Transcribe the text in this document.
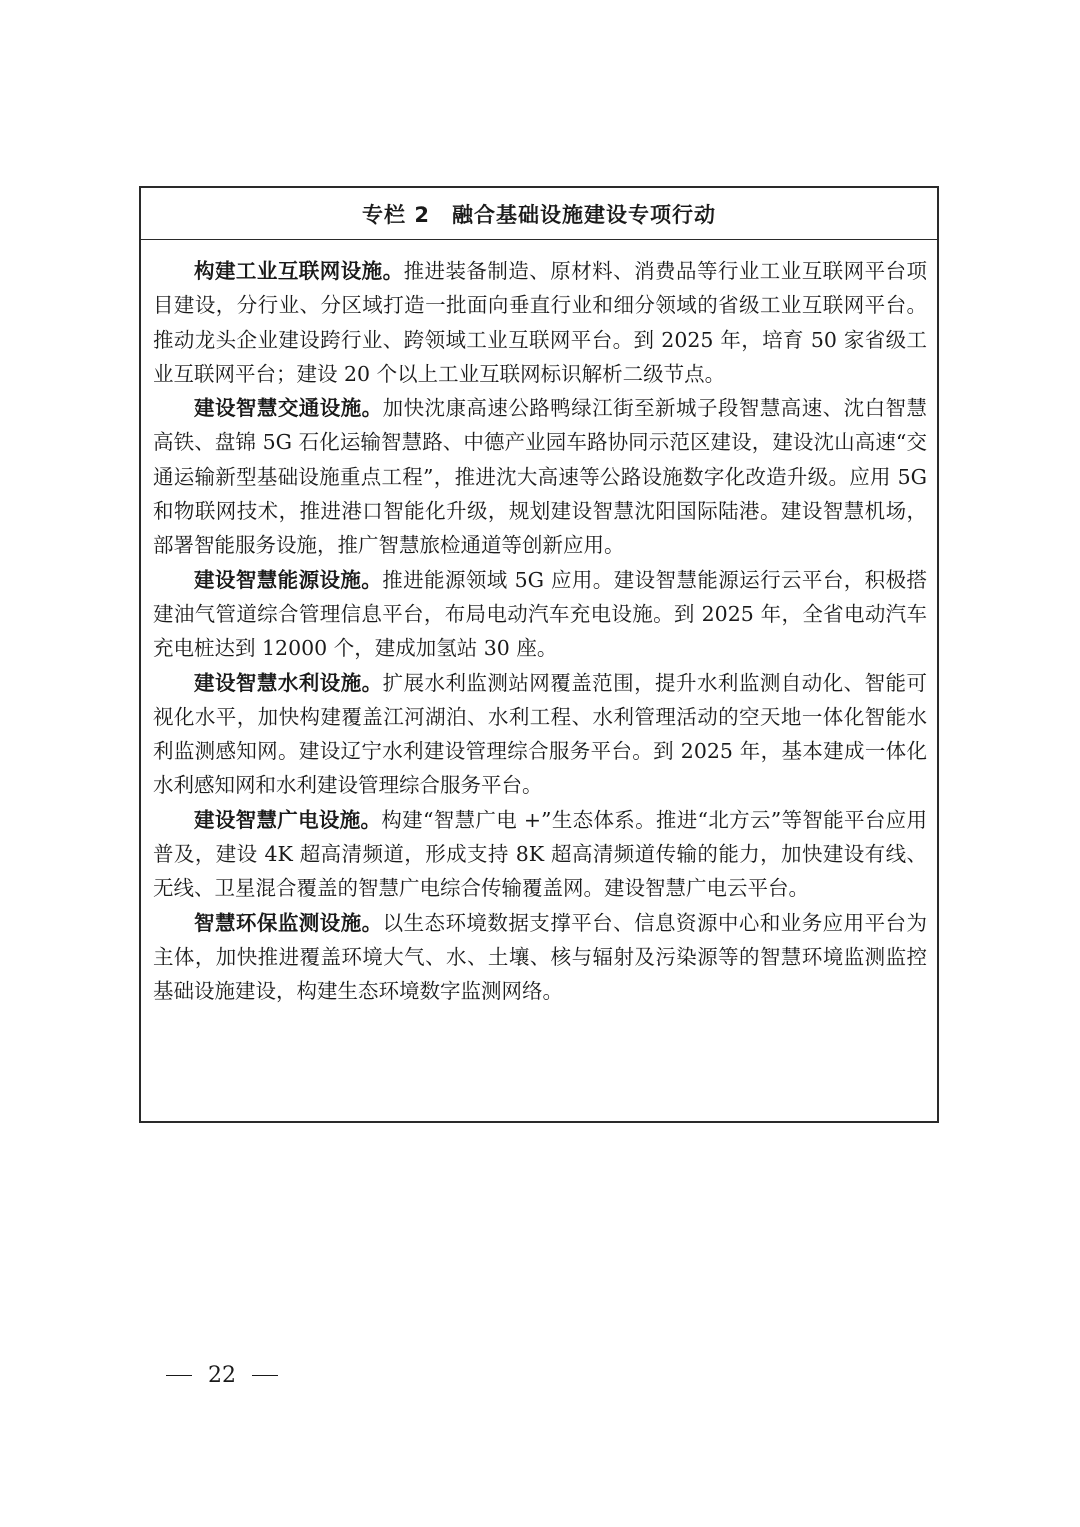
专栏 2 融合基础设施建设专项行动

构建工业互联网设施。推进装备制造、原材料、消费品等行业工业互联网平台项目建设，分行业、分区域打造一批面向垂直行业和细分领域的省级工业互联网平台。推动龙头企业建设跨行业、跨领域工业互联网平台。到 2025 年，培育 50 家省级工业互联网平台；建设 20 个以上工业互联网标识解析二级节点。

建设智慧交通设施。加快沈康高速公路鸭绿江街至新城子段智慧高速、沈白智慧高铁、盘锦 5G 石化运输智慧路、中德产业园车路协同示范区建设，建设沈山高速“交通运输新型基础设施重点工程”，推进沈大高速等公路设施数字化改造升级。应用 5G 和物联网技术，推进港口智能化升级，规划建设智慧沈阳国际陆港。建设智慧机场，部署智能服务设施，推广智慧旅检通道等创新应用。

建设智慧能源设施。推进能源领域 5G 应用。建设智慧能源运行云平台，积极搭建油气管道综合管理信息平台，布局电动汽车充电设施。到 2025 年，全省电动汽车充电桩达到 12000 个，建成加氢站 30 座。

建设智慧水利设施。扩展水利监测站网覆盖范围，提升水利监测自动化、智能可视化水平，加快构建覆盖江河湖泊、水利工程、水利管理活动的空天地一体化智能水利监测感知网。建设辽宁水利建设管理综合服务平台。到 2025 年，基本建成一体化水利感知网和水利建设管理综合服务平台。

建设智慧广电设施。构建“智慧广电 +”生态体系。推进“北方云”等智能平台应用普及，建设 4K 超高清频道，形成支持 8K 超高清频道传输的能力，加快建设有线、无线、卫星混合覆盖的智慧广电综合传输覆盖网。建设智慧广电云平台。

智慧环保监测设施。以生态环境数据支撑平台、信息资源中心和业务应用平台为主体，加快推进覆盖环境大气、水、土壤、核与辐射及污染源等的智慧环境监测监控基础设施建设，构建生态环境数字监测网络。

22
